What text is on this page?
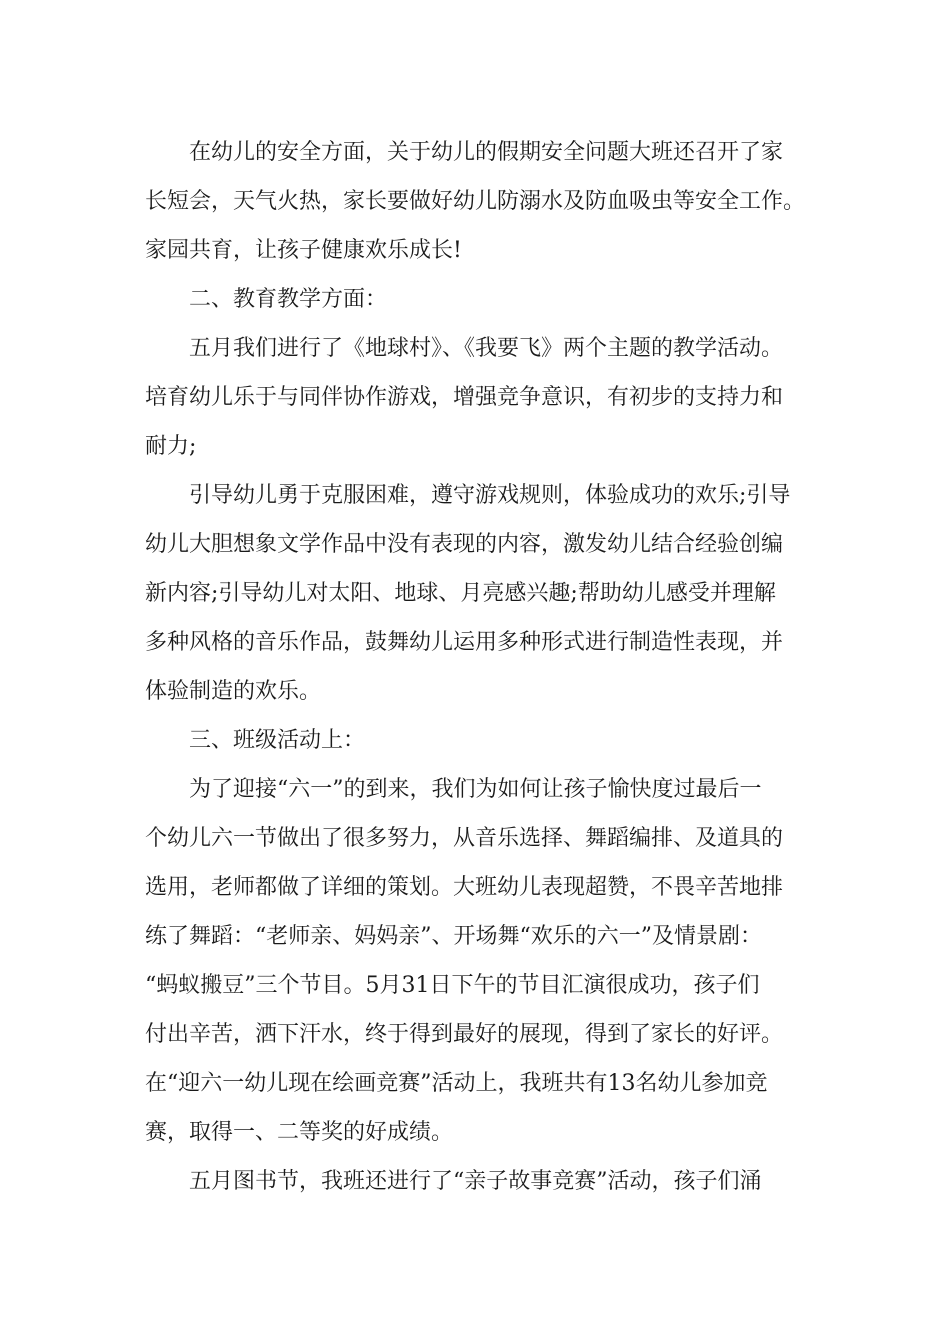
在幼儿的安全方面，关于幼儿的假期安全问题大班还召开了家
长短会，天气火热，家长要做好幼儿防溺水及防血吸虫等安全工作。
家园共育，让孩子健康欢乐成长!
二、教育教学方面：
五月我们进行了《地球村》、《我要飞》两个主题的教学活动。
培育幼儿乐于与同伴协作游戏，增强竞争意识，有初步的支持力和
耐力;
引导幼儿勇于克服困难，遵守游戏规则，体验成功的欢乐;引导
幼儿大胆想象文学作品中没有表现的内容，激发幼儿结合经验创编
新内容;引导幼儿对太阳、地球、月亮感兴趣;帮助幼儿感受并理解
多种风格的音乐作品，鼓舞幼儿运用多种形式进行制造性表现，并
体验制造的欢乐。
三、班级活动上：
为了迎接“六一”的到来，我们为如何让孩子愉快度过最后一
个幼儿六一节做出了很多努力，从音乐选择、舞蹈编排、及道具的
选用，老师都做了详细的策划。大班幼儿表现超赞，不畏辛苦地排
练了舞蹈：“老师亲、妈妈亲”、开场舞“欢乐的六一”及情景剧：
“蚂蚁搬豆”三个节目。5月31日下午的节目汇演很成功，孩子们
付出辛苦，洒下汗水，终于得到最好的展现，得到了家长的好评。
在“迎六一幼儿现在绘画竞赛”活动上，我班共有13名幼儿参加竞
赛，取得一、二等奖的好成绩。
五月图书节，我班还进行了“亲子故事竞赛”活动，孩子们涌
